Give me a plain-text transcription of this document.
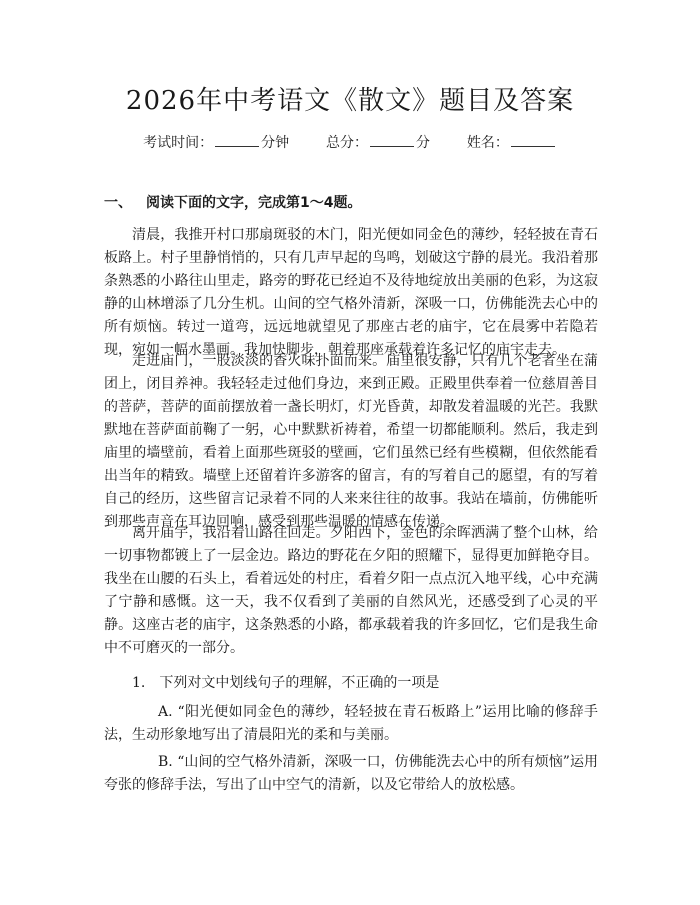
2026年中考语文《散文》题目及答案
考试时间：	分钟	总分：	分	姓名：
一、 阅读下面的文字，完成第1～4题。

清晨，我推开村口那扇斑驳的木门，阳光便如同金色的薄纱，轻轻披在青石板路上。村子里静悄悄的，只有几声早起的鸟鸣，划破这宁静的晨光。我沿着那条熟悉的小路往山里走，路旁的野花已经迫不及待地绽放出美丽的色彩，为这寂静的山林增添了几分生机。山间的空气格外清新，深吸一口，仿佛能洗去心中的所有烦恼。转过一道弯，远远地就望见了那座古老的庙宇，它在晨雾中若隐若现，宛如一幅水墨画。我加快脚步，朝着那座承载着许多记忆的庙宇走去。

走进庙门，一股淡淡的香火味扑面而来。庙里很安静，只有几个老者坐在蒲团上，闭目养神。我轻轻走过他们身边，来到正殿。正殿里供奉着一位慈眉善目的菩萨，菩萨的面前摆放着一盏长明灯，灯光昏黄，却散发着温暖的光芒。我默默地在菩萨面前鞠了一躬，心中默默祈祷着，希望一切都能顺利。然后，我走到庙里的墙壁前，看着上面那些斑驳的壁画，它们虽然已经有些模糊，但依然能看出当年的精致。墙壁上还留着许多游客的留言，有的写着自己的愿望，有的写着自己的经历，这些留言记录着不同的人来来往往的故事。我站在墙前，仿佛能听到那些声音在耳边回响，感受到那些温暖的情感在传递。

离开庙宇，我沿着山路往回走。夕阳西下，金色的余晖洒满了整个山林，给一切事物都镀上了一层金边。路边的野花在夕阳的照耀下，显得更加鲜艳夺目。我坐在山腰的石头上，看着远处的村庄，看着夕阳一点点沉入地平线，心中充满了宁静和感慨。这一天，我不仅看到了美丽的自然风光，还感受到了心灵的平静。这座古老的庙宇，这条熟悉的小路，都承载着我的许多回忆，它们是我生命中不可磨灭的一部分。

1. 下列对文中划线句子的理解，不正确的一项是

A. “阳光便如同金色的薄纱，轻轻披在青石板路上”运用比喻的修辞手法，生动形象地写出了清晨阳光的柔和与美丽。

B. “山间的空气格外清新，深吸一口，仿佛能洗去心中的所有烦恼”运用夸张的修辞手法，写出了山中空气的清新，以及它带给人的放松感。
